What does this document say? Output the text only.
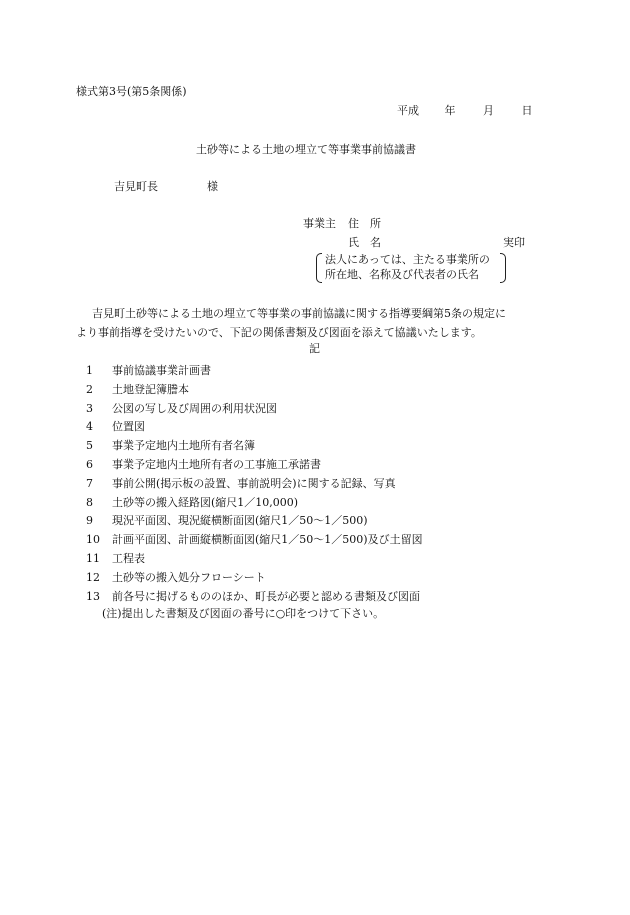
様式第3号(第5条関係)
平成 年	月	日
土砂等による土地の埋立て等事業事前協議書
吉見町長	様
事業主 住　所
氏　名	実印
法人にあっては、主たる事業所の
所在地、名称及び代表者の氏名
吉見町土砂等による土地の埋立て等事業の事前協議に関する指導要綱第5条の規定に
より事前指導を受けたいので、下記の関係書類及び図面を添えて協議いたします。
記
1	事前協議事業計画書
2	土地登記簿謄本
3	公図の写し及び周囲の利用状況図
4	位置図
5	事業予定地内土地所有者名簿
6	事業予定地内土地所有者の工事施工承諾書
7	事前公開(掲示板の設置、事前説明会)に関する記録、写真
8	土砂等の搬入経路図(縮尺1／10,000)
9	現況平面図、現況縦横断面図(縮尺1／50〜1／500)
10	計画平面図、計画縦横断面図(縮尺1／50〜1／500)及び土留図
11	工程表
12	土砂等の搬入処分フローシート
13	前各号に掲げるもののほか、町長が必要と認める書類及び図面
(注)提出した書類及び図面の番号に○印をつけて下さい。
